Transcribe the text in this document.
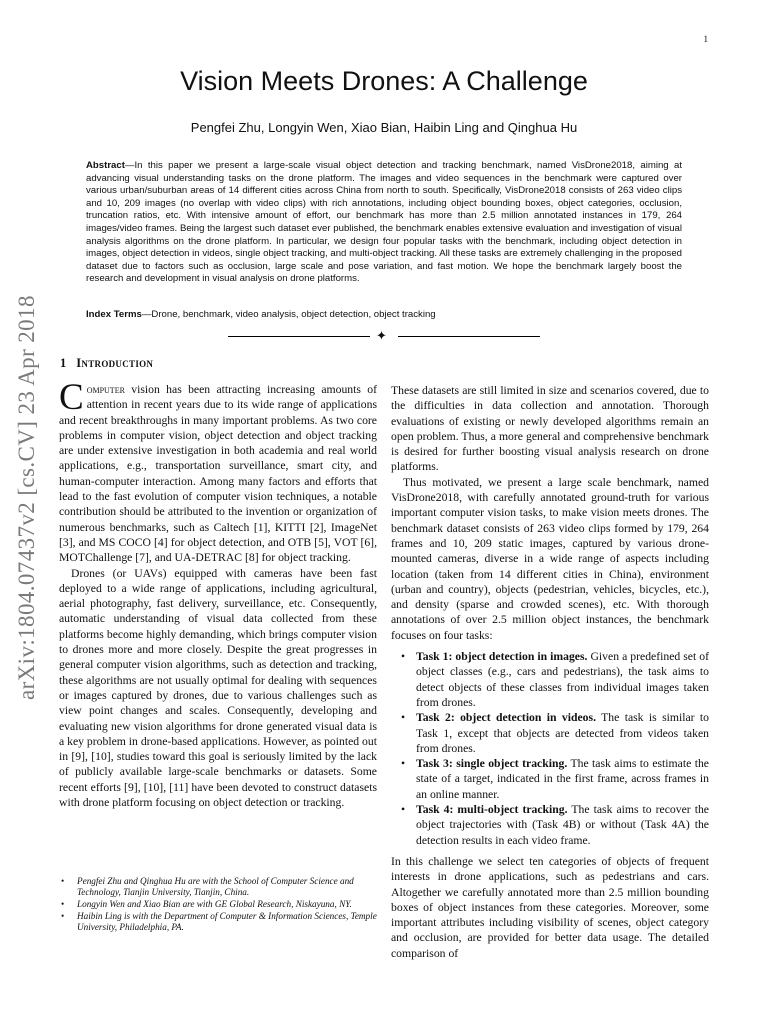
1
arXiv:1804.07437v2 [cs.CV] 23 Apr 2018
Vision Meets Drones: A Challenge
Pengfei Zhu, Longyin Wen, Xiao Bian, Haibin Ling and Qinghua Hu
Abstract—In this paper we present a large-scale visual object detection and tracking benchmark, named VisDrone2018, aiming at advancing visual understanding tasks on the drone platform. The images and video sequences in the benchmark were captured over various urban/suburban areas of 14 different cities across China from north to south. Specifically, VisDrone2018 consists of 263 video clips and 10, 209 images (no overlap with video clips) with rich annotations, including object bounding boxes, object categories, occlusion, truncation ratios, etc. With intensive amount of effort, our benchmark has more than 2.5 million annotated instances in 179, 264 images/video frames. Being the largest such dataset ever published, the benchmark enables extensive evaluation and investigation of visual analysis algorithms on the drone platform. In particular, we design four popular tasks with the benchmark, including object detection in images, object detection in videos, single object tracking, and multi-object tracking. All these tasks are extremely challenging in the proposed dataset due to factors such as occlusion, large scale and pose variation, and fast motion. We hope the benchmark largely boost the research and development in visual analysis on drone platforms.
Index Terms—Drone, benchmark, video analysis, object detection, object tracking
✦
1 Introduction

Computer vision has been attracting increasing amounts of attention in recent years due to its wide range of applications and recent breakthroughs in many important problems. As two core problems in computer vision, object detection and object tracking are under extensive investigation in both academia and real world applications, e.g., transportation surveillance, smart city, and human-computer interaction. Among many factors and efforts that lead to the fast evolution of computer vision techniques, a notable contribution should be attributed to the invention or organization of numerous benchmarks, such as Caltech [1], KITTI [2], ImageNet [3], and MS COCO [4] for object detection, and OTB [5], VOT [6], MOTChallenge [7], and UA-DETRAC [8] for object tracking.

Drones (or UAVs) equipped with cameras have been fast deployed to a wide range of applications, including agricultural, aerial photography, fast delivery, surveillance, etc. Consequently, automatic understanding of visual data collected from these platforms become highly demanding, which brings computer vision to drones more and more closely. Despite the great progresses in general computer vision algorithms, such as detection and tracking, these algorithms are not usually optimal for dealing with sequences or images captured by drones, due to various challenges such as view point changes and scales. Consequently, developing and evaluating new vision algorithms for drone generated visual data is a key problem in drone-based applications. However, as pointed out in [9], [10], studies toward this goal is seriously limited by the lack of publicly available large-scale benchmarks or datasets. Some recent efforts [9], [10], [11] have been devoted to construct datasets with drone platform focusing on object detection or tracking.

These datasets are still limited in size and scenarios covered, due to the difficulties in data collection and annotation. Thorough evaluations of existing or newly developed algorithms remain an open problem. Thus, a more general and comprehensive benchmark is desired for further boosting visual analysis research on drone platforms.

Thus motivated, we present a large scale benchmark, named VisDrone2018, with carefully annotated ground-truth for various important computer vision tasks, to make vision meets drones. The benchmark dataset consists of 263 video clips formed by 179, 264 frames and 10, 209 static images, captured by various drone-mounted cameras, diverse in a wide range of aspects including location (taken from 14 different cities in China), environment (urban and country), objects (pedestrian, vehicles, bicycles, etc.), and density (sparse and crowded scenes), etc. With thorough annotations of over 2.5 million object instances, the benchmark focuses on four tasks:

• Task 1: object detection in images. Given a predefined set of object classes (e.g., cars and pedestrians), the task aims to detect objects of these classes from individual images taken from drones.
• Task 2: object detection in videos. The task is similar to Task 1, except that objects are detected from videos taken from drones.
• Task 3: single object tracking. The task aims to estimate the state of a target, indicated in the first frame, across frames in an online manner.
• Task 4: multi-object tracking. The task aims to recover the object trajectories with (Task 4B) or without (Task 4A) the detection results in each video frame.

In this challenge we select ten categories of objects of frequent interests in drone applications, such as pedestrians and cars. Altogether we carefully annotated more than 2.5 million bounding boxes of object instances from these categories. Moreover, some important attributes including visibility of scenes, object category and occlusion, are provided for better data usage. The detailed comparison of

• Pengfei Zhu and Qinghua Hu are with the School of Computer Science and Technology, Tianjin University, Tianjin, China.
• Longyin Wen and Xiao Bian are with GE Global Research, Niskayuna, NY.
• Haibin Ling is with the Department of Computer & Information Sciences, Temple University, Philadelphia, PA.
